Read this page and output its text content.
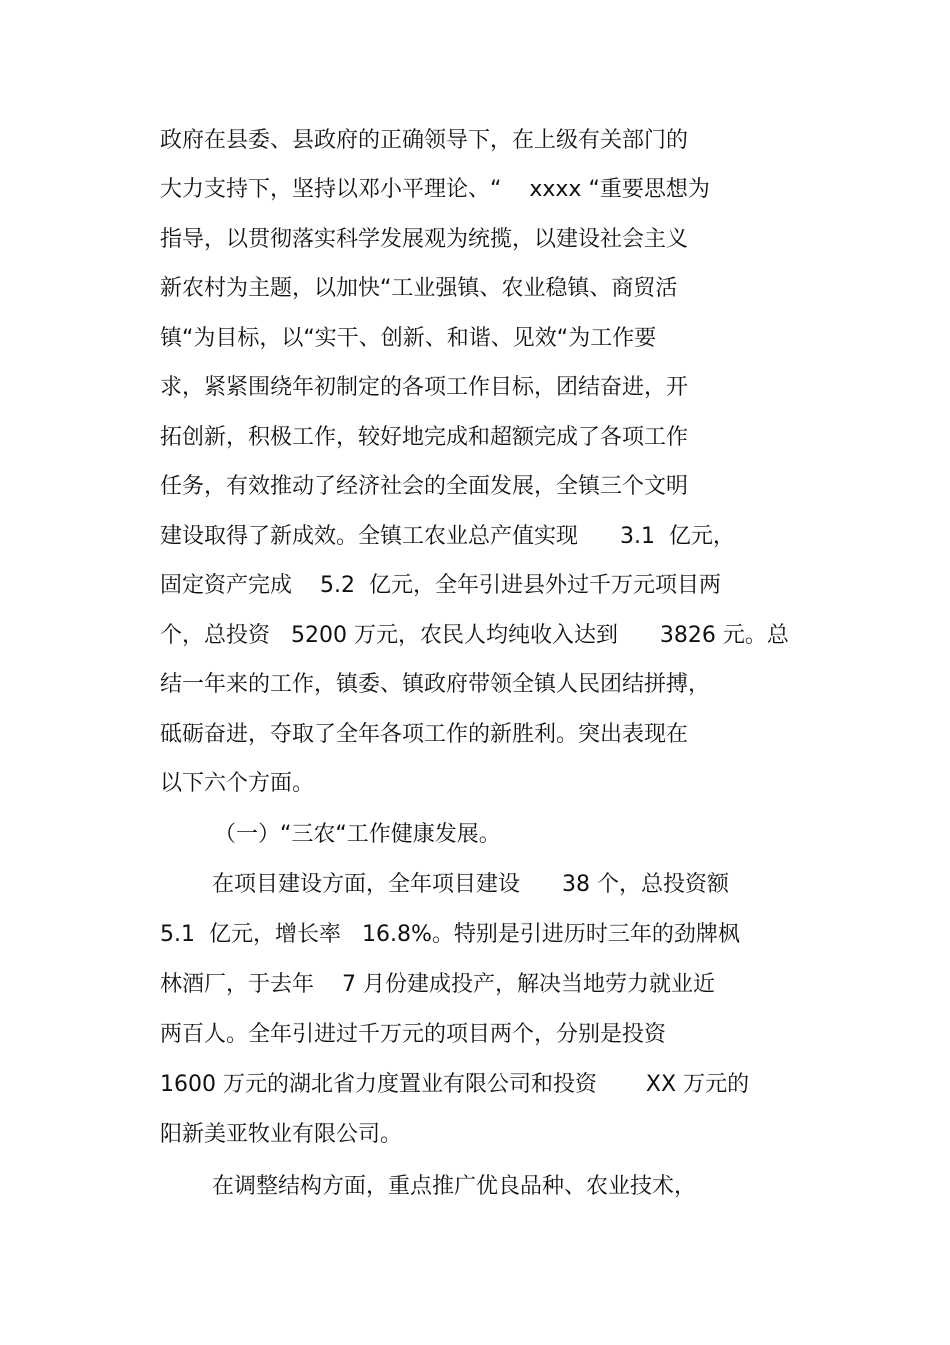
政府在县委、县政府的正确领导下，在上级有关部门的
大力支持下，坚持以邓小平理论、“    xxxx “重要思想为
指导，以贯彻落实科学发展观为统揽，以建设社会主义
新农村为主题，以加快“工业强镇、农业稳镇、商贸活
镇“为目标，以“实干、创新、和谐、见效“为工作要
求，紧紧围绕年初制定的各项工作目标，团结奋进，开
拓创新，积极工作，较好地完成和超额完成了各项工作
任务，有效推动了经济社会的全面发展，全镇三个文明
建设取得了新成效。全镇工农业总产值实现      3.1  亿元，
固定资产完成    5.2  亿元，全年引进县外过千万元项目两
个，总投资   5200 万元，农民人均纯收入达到      3826 元。总
结一年来的工作，镇委、镇政府带领全镇人民团结拼搏，
砥砺奋进，夺取了全年各项工作的新胜利。突出表现在
以下六个方面。
（一）“三农“工作健康发展。
在项目建设方面，全年项目建设      38 个，总投资额
5.1  亿元，增长率   16.8%。特别是引进历时三年的劲牌枫
林酒厂，于去年    7 月份建成投产，解决当地劳力就业近
两百人。全年引进过千万元的项目两个，分别是投资
1600 万元的湖北省力度置业有限公司和投资       XX 万元的
阳新美亚牧业有限公司。
在调整结构方面，重点推广优良品种、农业技术，
